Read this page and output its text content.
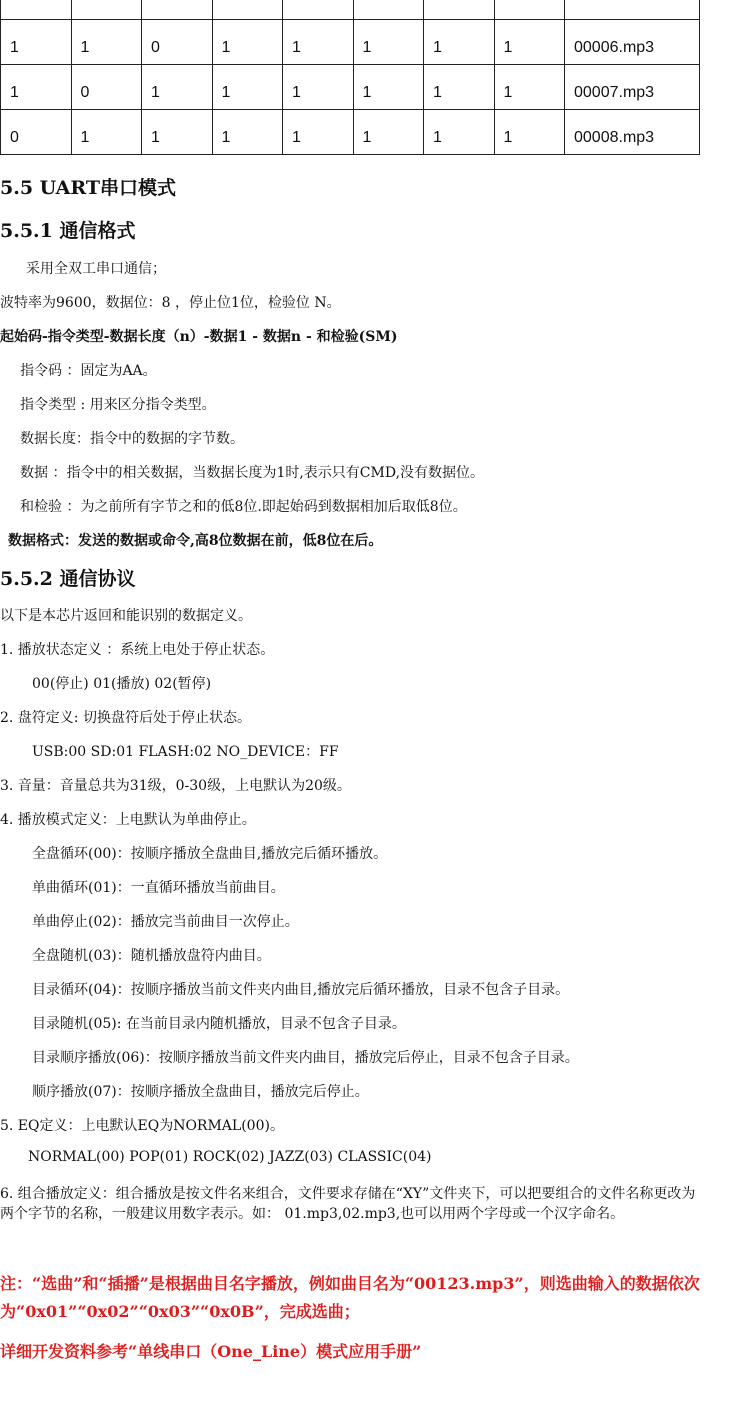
1	1	0	1	1	1	1	1	00006.mp3
1	0	1	1	1	1	1	1	00007.mp3
0	1	1	1	1	1	1	1	00008.mp3
5.5 UART串口模式
5.5.1 通信格式
采用全双工串口通信；
波特率为9600，数据位：8 ，停止位1位，检验位 N。
起始码-指令类型-数据长度（n）-数据1 - 数据n - 和检验(SM)
指令码 ：固定为AA。
指令类型 : 用来区分指令类型。
数据长度：指令中的数据的字节数。
数据 ：指令中的相关数据，当数据长度为1时,表示只有CMD,没有数据位。
和检验 ：为之前所有字节之和的低8位.即起始码到数据相加后取低8位。
数据格式：发送的数据或命令,高8位数据在前，低8位在后。
5.5.2 通信协议
以下是本芯片返回和能识别的数据定义。
1. 播放状态定义 ：系统上电处于停止状态。
00(停止) 01(播放) 02(暂停)
2. 盘符定义: 切换盘符后处于停止状态。
USB:00 SD:01 FLASH:02 NO_DEVICE：FF
3. 音量：音量总共为31级，0-30级，上电默认为20级。
4. 播放模式定义：上电默认为单曲停止。
全盘循环(00)：按顺序播放全盘曲目,播放完后循环播放。
单曲循环(01)：一直循环播放当前曲目。
单曲停止(02)：播放完当前曲目一次停止。
全盘随机(03)：随机播放盘符内曲目。
目录循环(04)：按顺序播放当前文件夹内曲目,播放完后循环播放，目录不包含子目录。
目录随机(05): 在当前目录内随机播放，目录不包含子目录。
目录顺序播放(06)：按顺序播放当前文件夹内曲目，播放完后停止，目录不包含子目录。
顺序播放(07)：按顺序播放全盘曲目，播放完后停止。
5. EQ定义：上电默认EQ为NORMAL(00)。
NORMAL(00) POP(01) ROCK(02) JAZZ(03) CLASSIC(04)
6. 组合播放定义：组合播放是按文件名来组合，文件要求存储在“XY”文件夹下，可以把要组合的文件名称更改为
两个字节的名称，一般建议用数字表示。如： 01.mp3,02.mp3,也可以用两个字母或一个汉字命名。
注：“选曲”和“插播”是根据曲目名字播放，例如曲目名为“00123.mp3”，则选曲输入的数据依次
为“0x01”“0x02”“0x03”“0x0B”，完成选曲；
详细开发资料参考“单线串口（One_Line）模式应用手册”
